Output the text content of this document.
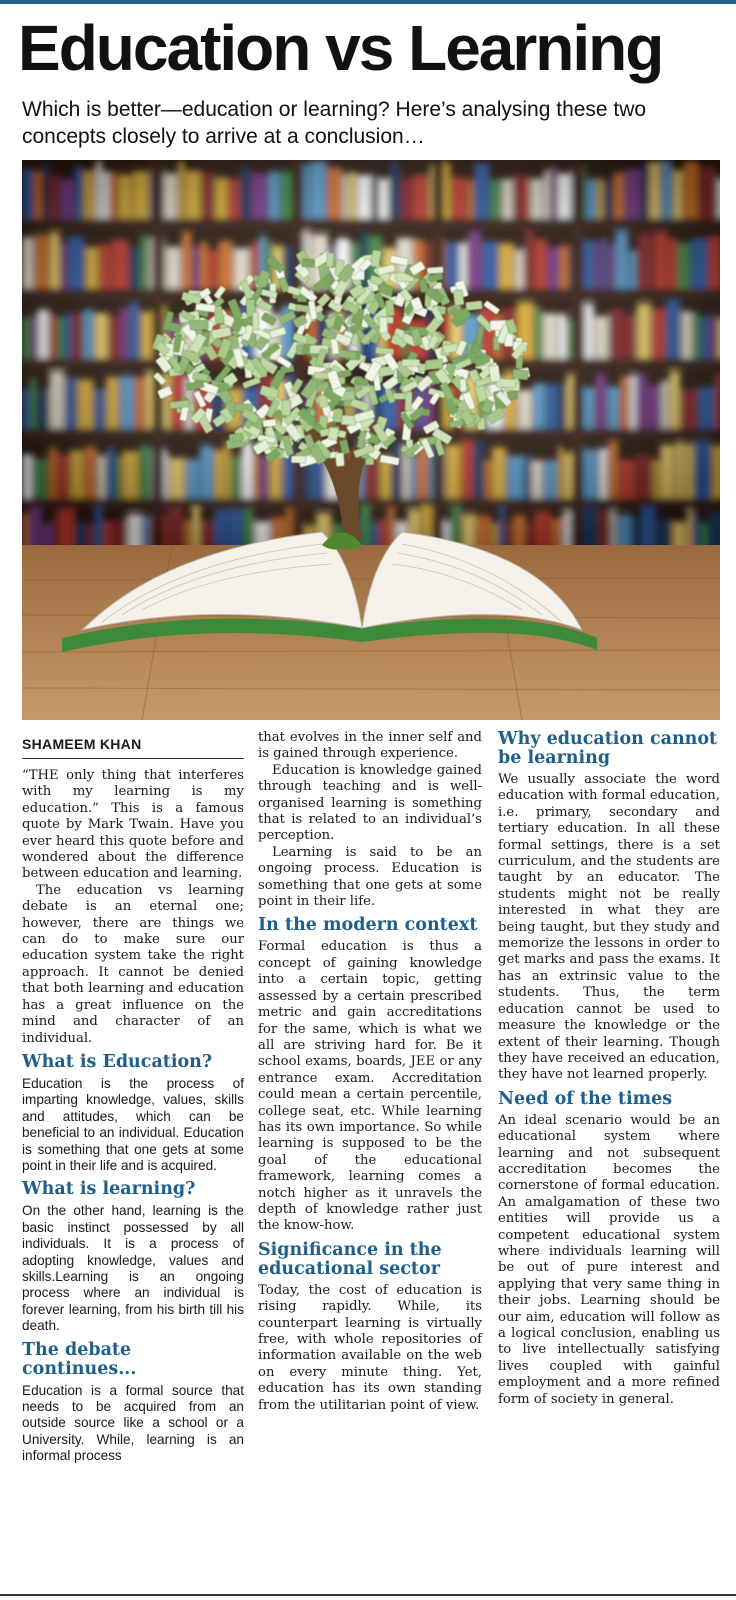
Education vs Learning
Which is better—education or learning? Here’s analysing these two concepts closely to arrive at a conclusion…
SHAMEEM KHAN

“THE only thing that interferes with my learning is my education.” This is a famous quote by Mark Twain. Have you ever heard this quote before and wondered about the difference between education and learning.

The education vs learning debate is an eternal one; however, there are things we can do to make sure our education system take the right approach. It cannot be denied that both learning and education has a great influence on the mind and character of an individual.

What is Education?

Education is the process of imparting knowledge, values, skills and attitudes, which can be beneficial to an individual. Education is something that one gets at some point in their life and is acquired.

What is learning?

On the other hand, learning is the basic instinct possessed by all individuals. It is a process of adopting knowledge, values and skills.Learning is an ongoing process where an individual is forever learning, from his birth till his death.

The debate continues...

Education is a formal source that needs to be acquired from an outside source like a school or a University. While, learning is an informal process

that evolves in the inner self and is gained through experience.

Education is knowledge gained through teaching and is well-organised learning is something that is related to an individual’s perception.

Learning is said to be an ongoing process. Education is something that one gets at some point in their life.

In the modern context

Formal education is thus a concept of gaining knowledge into a certain topic, getting assessed by a certain prescribed metric and gain accreditations for the same, which is what we all are striving hard for. Be it school exams, boards, JEE or any entrance exam. Accreditation could mean a certain percentile, college seat, etc. While learning has its own importance. So while learning is supposed to be the goal of the educational framework, learning comes a notch higher as it unravels the depth of knowledge rather just the know-how.

Significance in the educational sector

Today, the cost of education is rising rapidly. While, its counterpart learning is virtually free, with whole repositories of information available on the web on every minute thing. Yet, education has its own standing from the utilitarian point of view.

Why education cannot be learning

We usually associate the word education with formal education, i.e. primary, secondary and tertiary education. In all these formal settings, there is a set curriculum, and the students are taught by an educator. The students might not be really interested in what they are being taught, but they study and memorize the lessons in order to get marks and pass the exams. It has an extrinsic value to the students. Thus, the term education cannot be used to measure the knowledge or the extent of their learning. Though they have received an education, they have not learned properly.

Need of the times

An ideal scenario would be an educational system where learning and not subsequent accreditation becomes the cornerstone of formal education. An amalgamation of these two entities will provide us a competent educational system where individuals learning will be out of pure interest and applying that very same thing in their jobs. Learning should be our aim, education will follow as a logical conclusion, enabling us to live intellectually satisfying lives coupled with gainful employment and a more refined form of society in general.
